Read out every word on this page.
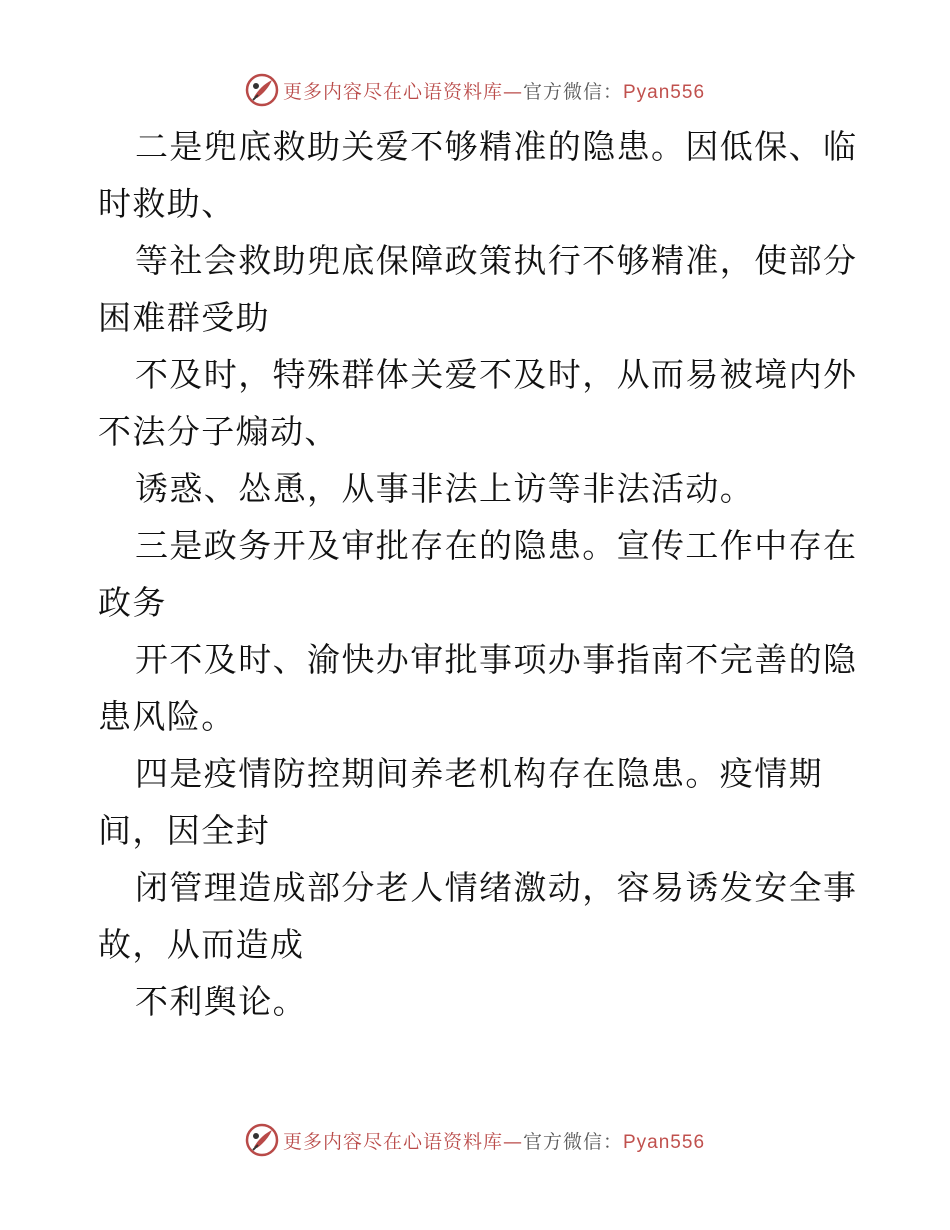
更多内容尽在心语资料库—官方微信：Pyan556

二是兜底救助关爱不够精准的隐患。因低保、临时救助、

等社会救助兜底保障政策执行不够精准，使部分困难群受助

不及时，特殊群体关爱不及时，从而易被境内外不法分子煽动、

诱惑、怂恿，从事非法上访等非法活动。

三是政务开及审批存在的隐患。宣传工作中存在政务

开不及时、渝快办审批事项办事指南不完善的隐患风险。

四是疫情防控期间养老机构存在隐患。疫情期间，因全封

闭管理造成部分老人情绪激动，容易诱发安全事故，从而造成

不利舆论。

更多内容尽在心语资料库—官方微信：Pyan556
